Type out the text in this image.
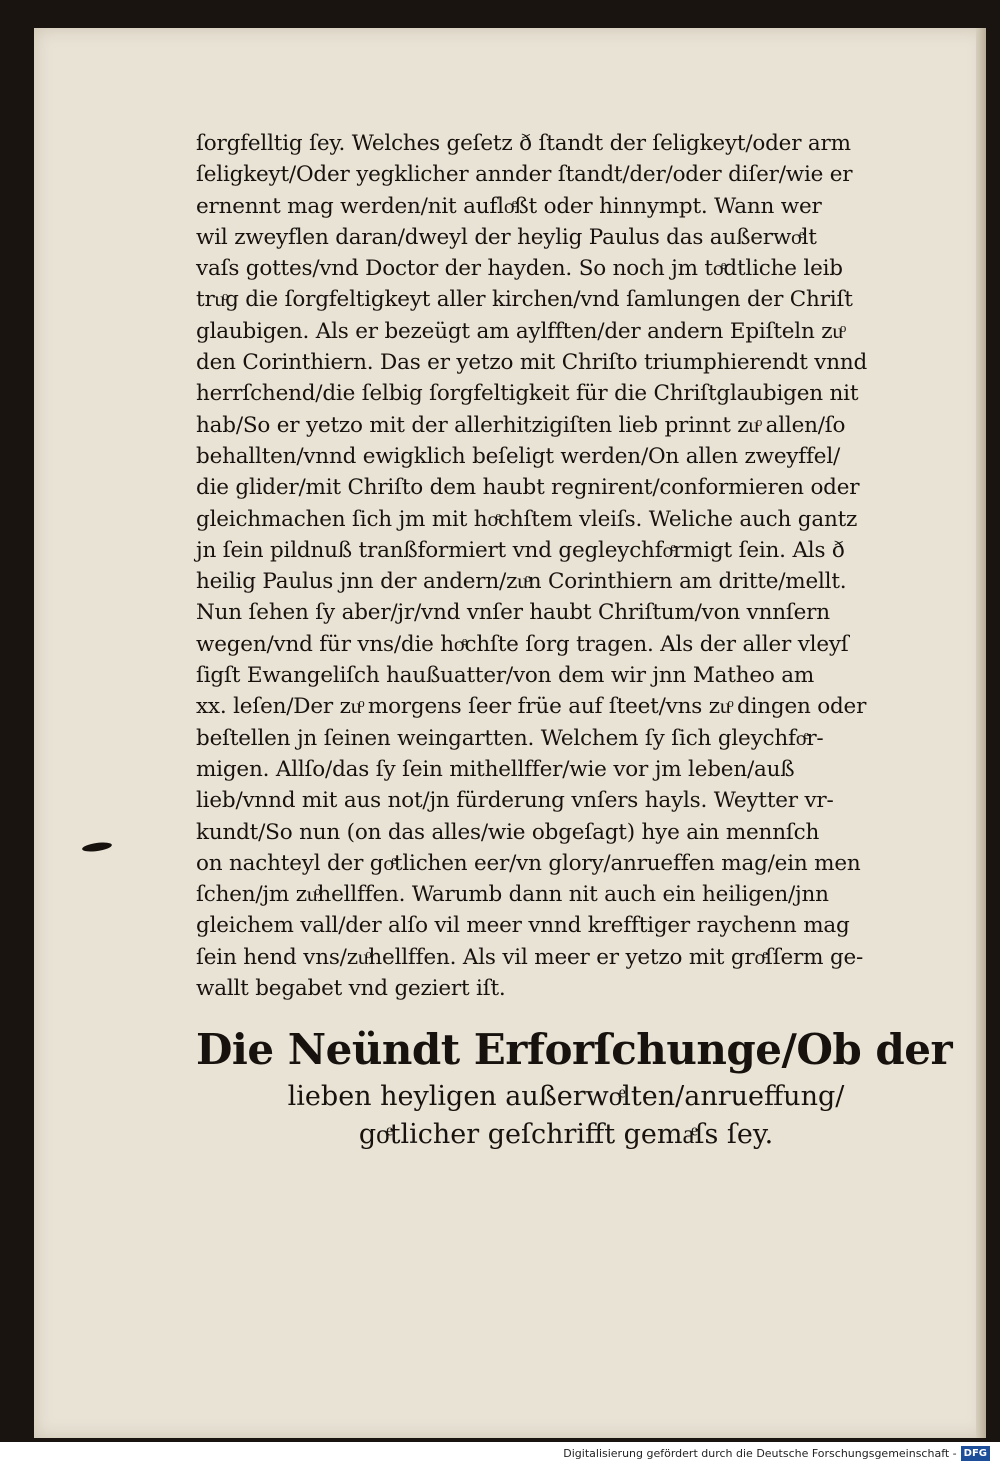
ſorgfelltig ſey. Welches geſetz ð ſtandt der ſeligkeyt/oder arm
ſeligkeyt/Oder yegklicher annder ſtandt/der/oder diſer/wie er
ernennt mag werden/nit aufloͤßt oder hinnympt. Wann wer
wil zweyflen daran/dweyl der heylig Paulus das außerwoͤlt
vaſs gottes/vnd Doctor der hayden. So noch jm toͤdtliche leib
truͦg die ſorgfeltigkeyt aller kirchen/vnd ſamlungen der Chriſt
glaubigen. Als er bezeügt am aylfften/der andern Epiſteln zuͦ
den Corinthiern. Das er yetzo mit Chriſto triumphierendt vnnd
herrſchend/die ſelbig ſorgfeltigkeit für die Chriſtglaubigen nit
hab/So er yetzo mit der allerhitzigiſten lieb prinnt zuͦ allen/ſo
behallten/vnnd ewigklich beſeligt werden/On allen zweyffel/
die glider/mit Chriſto dem haubt regnirent/conformieren oder
gleichmachen ſich jm mit hoͤchſtem vleiſs. Weliche auch gantz
jn ſein pildnuß tranßformiert vnd gegleychfoͤrmigt ſein. Als ð
heilig Paulus jnn der andern/zuͦn Corinthiern am dritte/mellt.
Nun ſehen ſy aber/jr/vnd vnſer haubt Chriſtum/von vnnſern
wegen/vnd für vns/die hoͤchſte ſorg tragen. Als der aller vleyſ
ſigſt Ewangeliſch haußuatter/von dem wir jnn Matheo am
xx. leſen/Der zuͦ morgens ſeer früe auf ſteet/vns zuͦ dingen oder
beſtellen jn ſeinen weingartten. Welchem ſy ſich gleychfoͤr-
migen. Allſo/das ſy ſein mithellffer/wie vor jm leben/auß
lieb/vnnd mit aus not/jn fürderung vnſers hayls. Weytter vr-
kundt/So nun (on das alles/wie obgeſagt) hye ain mennſch
on nachteyl der goͤtlichen eer/vn glory/anrueffen mag/ein men
ſchen/jm zuͦhellffen. Warumb dann nit auch ein heiligen/jnn
gleichem vall/der alſo vil meer vnnd krefftiger raychenn mag
ſein hend vns/zuͦhellffen. Als vil meer er yetzo mit groͤſſerm ge-
wallt begabet vnd geziert iſt.
Die Neündt Erforſchunge/Ob der
lieben heyligen außerwoͤlten/anrueffung/
goͤtlicher geſchrifft gemaͤſs ſey.
Digitalisierung gefördert durch die Deutsche Forschungsgemeinschaft - DFG
